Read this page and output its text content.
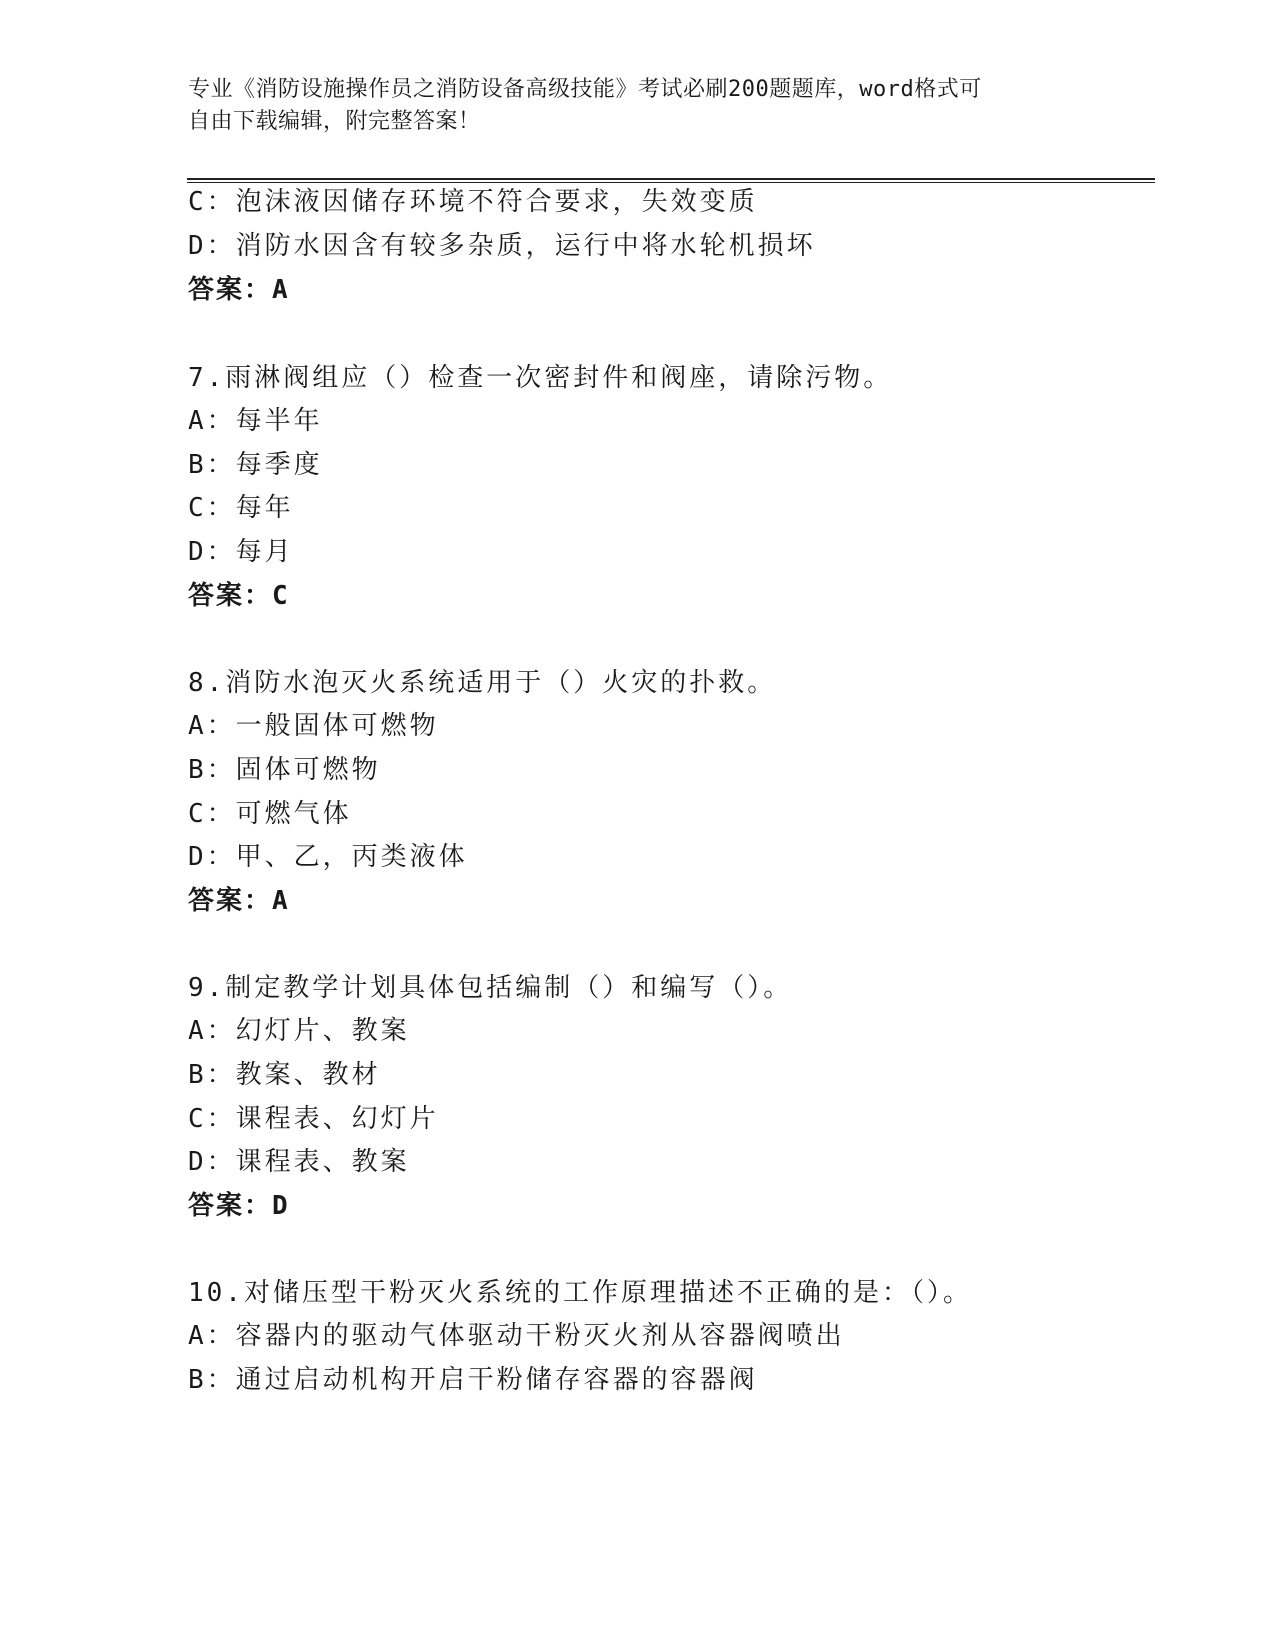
专业《消防设施操作员之消防设备高级技能》考试必刷200题题库，word格式可
自由下载编辑，附完整答案！
C：泡沫液因储存环境不符合要求，失效变质
D：消防水因含有较多杂质，运行中将水轮机损坏
答案：A
7.雨淋阀组应（）检查一次密封件和阀座，请除污物。
A：每半年
B：每季度
C：每年
D：每月
答案：C
8.消防水泡灭火系统适用于（）火灾的扑救。
A：一般固体可燃物
B：固体可燃物
C：可燃气体
D：甲、乙，丙类液体
答案：A
9.制定教学计划具体包括编制（）和编写（）。
A：幻灯片、教案
B：教案、教材
C：课程表、幻灯片
D：课程表、教案
答案：D
10.对储压型干粉灭火系统的工作原理描述不正确的是：（）。
A：容器内的驱动气体驱动干粉灭火剂从容器阀喷出
B：通过启动机构开启干粉储存容器的容器阀
